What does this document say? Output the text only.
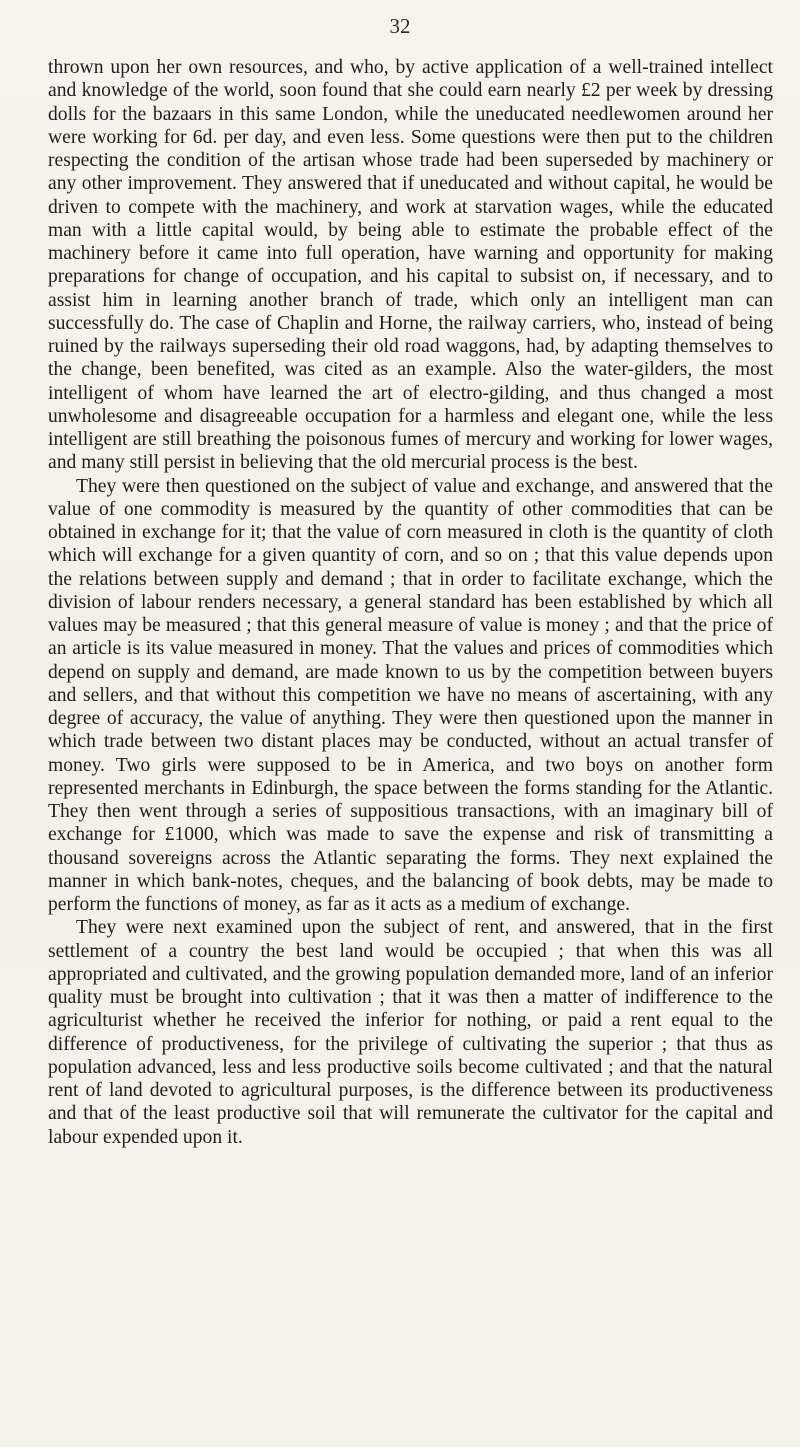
32

thrown upon her own resources, and who, by active application of a well-trained intellect and knowledge of the world, soon found that she could earn nearly £2 per week by dressing dolls for the bazaars in this same London, while the uneducated needlewomen around her were working for 6d. per day, and even less. Some questions were then put to the children respecting the condition of the artisan whose trade had been superseded by machinery or any other improvement. They answered that if uneducated and without capital, he would be driven to compete with the machinery, and work at starvation wages, while the educated man with a little capital would, by being able to estimate the probable effect of the machinery before it came into full operation, have warning and opportunity for making preparations for change of occupation, and his capital to subsist on, if necessary, and to assist him in learning another branch of trade, which only an intelligent man can successfully do. The case of Chaplin and Horne, the railway carriers, who, instead of being ruined by the railways superseding their old road waggons, had, by adapting themselves to the change, been benefited, was cited as an example. Also the water-gilders, the most intelligent of whom have learned the art of electro-gilding, and thus changed a most unwholesome and disagreeable occupation for a harmless and elegant one, while the less intelligent are still breathing the poisonous fumes of mercury and working for lower wages, and many still persist in believing that the old mercurial process is the best.

They were then questioned on the subject of value and exchange, and answered that the value of one commodity is measured by the quantity of other commodities that can be obtained in exchange for it; that the value of corn measured in cloth is the quantity of cloth which will exchange for a given quantity of corn, and so on ; that this value depends upon the relations between supply and demand ; that in order to facilitate exchange, which the division of labour renders necessary, a general standard has been established by which all values may be measured ; that this general measure of value is money ; and that the price of an article is its value measured in money. That the values and prices of commodities which depend on supply and demand, are made known to us by the competition between buyers and sellers, and that without this competition we have no means of ascertaining, with any degree of accuracy, the value of anything. They were then questioned upon the manner in which trade between two distant places may be conducted, without an actual transfer of money. Two girls were supposed to be in America, and two boys on another form represented merchants in Edinburgh, the space between the forms standing for the Atlantic. They then went through a series of suppositious transactions, with an imaginary bill of exchange for £1000, which was made to save the expense and risk of transmitting a thousand sovereigns across the Atlantic separating the forms. They next explained the manner in which bank-notes, cheques, and the balancing of book debts, may be made to perform the functions of money, as far as it acts as a medium of exchange.

They were next examined upon the subject of rent, and answered, that in the first settlement of a country the best land would be occupied ; that when this was all appropriated and cultivated, and the growing population demanded more, land of an inferior quality must be brought into cultivation ; that it was then a matter of indifference to the agriculturist whether he received the inferior for nothing, or paid a rent equal to the difference of productiveness, for the privilege of cultivating the superior ; that thus as population advanced, less and less productive soils become cultivated ; and that the natural rent of land devoted to agricultural purposes, is the difference between its productiveness and that of the least productive soil that will remunerate the cultivator for the capital and labour expended upon it.
